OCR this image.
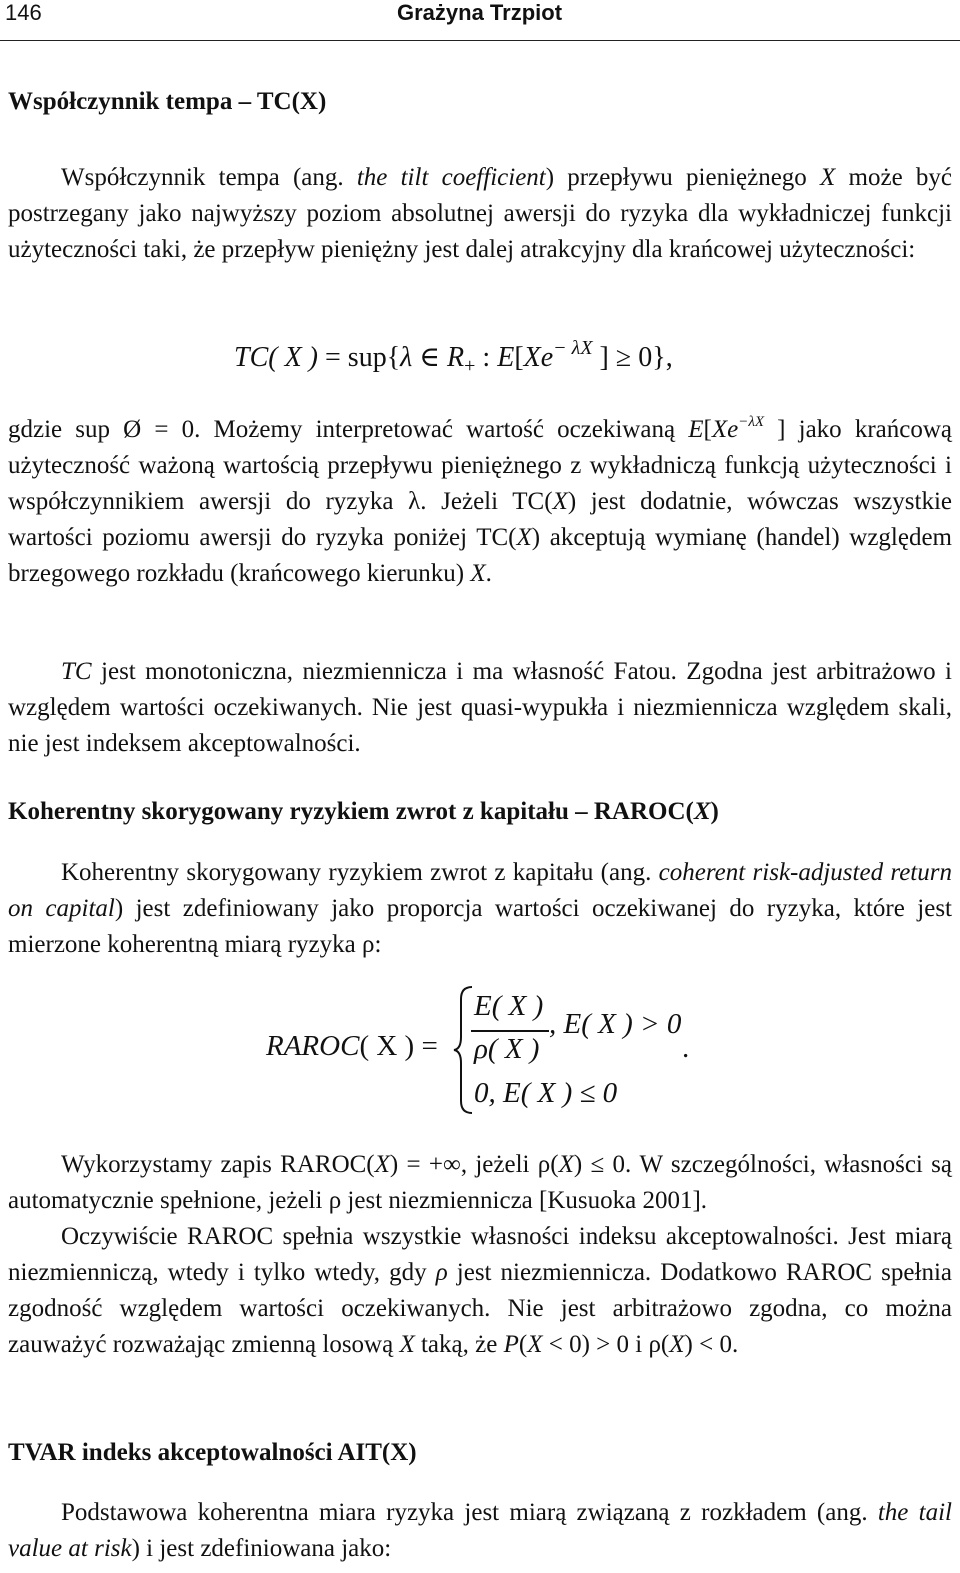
146	Grażyna Trzpiot
Współczynnik tempa – TC(X)

Współczynnik tempa (ang. the tilt coefficient) przepływu pieniężnego X może być postrzegany jako najwyższy poziom absolutnej awersji do ryzyka dla wykładniczej funkcji użyteczności taki, że przepływ pieniężny jest dalej atrakcyjny dla krańcowej użyteczności:

TC( X ) = sup{λ ∈ $R_+$ : $E[Xe^{- \lambda X}$ ] ≥ 0},

gdzie sup Ø = 0. Możemy interpretować wartość oczekiwaną $E[Xe^{-\lambda X}$ ] jako krańcową użyteczność ważoną wartością przepływu pieniężnego z wykładniczą funkcją użyteczności i współczynnikiem awersji do ryzyka λ. Jeżeli TC(X) jest dodatnie, wówczas wszystkie wartości poziomu awersji do ryzyka poniżej TC(X) akceptują wymianę (handel) względem brzegowego rozkładu (krańcowego kierunku) X.

TC jest monotoniczna, niezmiennicza i ma własność Fatou. Zgodna jest arbitrażowo i względem wartości oczekiwanych. Nie jest quasi-wypukła i niezmiennicza względem skali, nie jest indeksem akceptowalności.

Koherentny skorygowany ryzykiem zwrot z kapitału – RAROC(X)

Koherentny skorygowany ryzykiem zwrot z kapitału (ang. coherent risk-adjusted return on capital) jest zdefiniowany jako proporcja wartości oczekiwanej do ryzyka, które jest mierzone koherentną miarą ryzyka ρ:

RAROC( X ) =
E( X )
ρ( X )
, E( X ) > 0
.
0, E( X ) ≤ 0

Wykorzystamy zapis RAROC(X) = +∞, jeżeli ρ(X) ≤ 0. W szczególności, własności są automatycznie spełnione, jeżeli ρ jest niezmiennicza [Kusuoka 2001].

Oczywiście RAROC spełnia wszystkie własności indeksu akceptowalności. Jest miarą niezmienniczą, wtedy i tylko wtedy, gdy ρ jest niezmiennicza. Dodatkowo RAROC spełnia zgodność względem wartości oczekiwanych. Nie jest arbitrażowo zgodna, co można zauważyć rozważając zmienną losową X taką, że P(X < 0) > 0 i ρ(X) < 0.

TVAR indeks akceptowalności AIT(X)

Podstawowa koherentna miara ryzyka jest miarą związaną z rozkładem (ang. the tail value at risk) i jest zdefiniowana jako:
